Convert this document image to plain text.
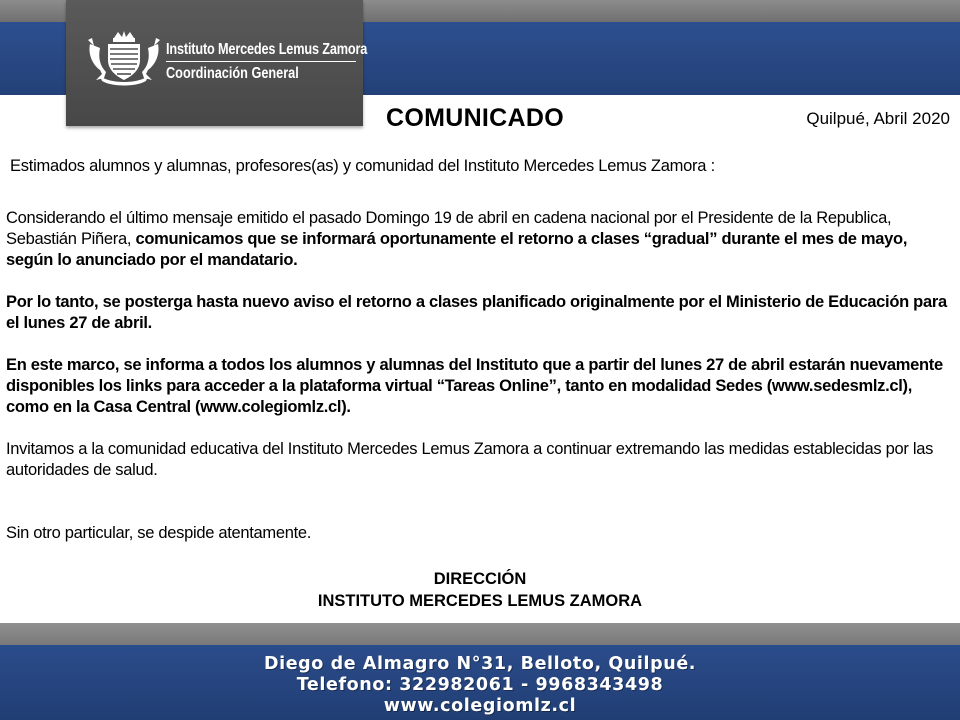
Instituto Mercedes Lemus Zamora
Coordinación General
COMUNICADO	Quilpué, Abril 2020
Estimados alumnos y alumnas, profesores(as) y comunidad del Instituto Mercedes Lemus Zamora :

Considerando el último mensaje emitido el pasado Domingo 19 de abril en cadena nacional por el Presidente de la Republica, Sebastián Piñera, comunicamos que se informará oportunamente el retorno a clases “gradual” durante el mes de mayo, según lo anunciado por el mandatario.

Por lo tanto, se posterga hasta nuevo aviso el retorno a clases planificado originalmente por el Ministerio de Educación para el lunes 27 de abril.

En este marco, se informa a todos los alumnos y alumnas del Instituto que a partir del lunes 27 de abril estarán nuevamente disponibles los links para acceder a la plataforma virtual “Tareas Online”, tanto en modalidad Sedes (www.sedesmlz.cl), como en la Casa Central (www.colegiomlz.cl).

Invitamos a la comunidad educativa del Instituto Mercedes Lemus Zamora a continuar extremando las medidas establecidas por las autoridades de salud.

Sin otro particular, se despide atentamente.

DIRECCIÓN
INSTITUTO MERCEDES LEMUS ZAMORA
Diego de Almagro N°31, Belloto, Quilpué.
Telefono: 322982061 - 9968343498
www.colegiomlz.cl
